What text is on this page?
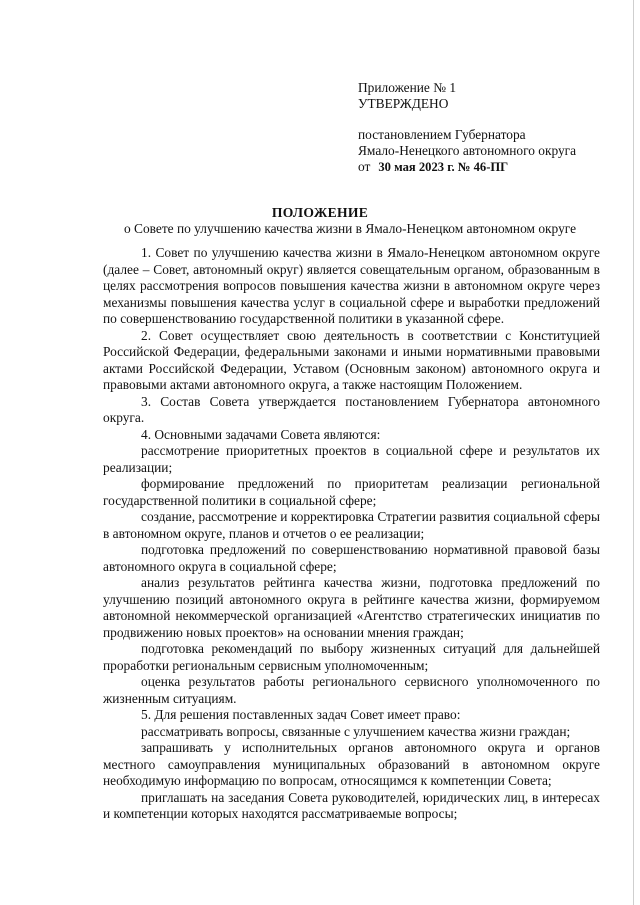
Приложение № 1
УТВЕРЖДЕНО
постановлением Губернатора
Ямало-Ненецкого автономного округа
от 30 мая 2023 г. № 46-ПГ
ПОЛОЖЕНИЕ
о Совете по улучшению качества жизни в Ямало-Ненецком автономном округе

1. Совет по улучшению качества жизни в Ямало-Ненецком автономном округе (далее – Совет, автономный округ) является совещательным органом, образованным в целях рассмотрения вопросов повышения качества жизни в автономном округе через механизмы повышения качества услуг в социальной сфере и выработки предложений по совершенствованию государственной политики в указанной сфере.

2. Совет осуществляет свою деятельность в соответствии с Конституцией Российской Федерации, федеральными законами и иными нормативными правовыми актами Российской Федерации, Уставом (Основным законом) автономного округа и правовыми актами автономного округа, а также настоящим Положением.

3. Состав Совета утверждается постановлением Губернатора автономного округа.

4. Основными задачами Совета являются:

рассмотрение приоритетных проектов в социальной сфере и результатов их реализации;

формирование предложений по приоритетам реализации региональной государственной политики в социальной сфере;

создание, рассмотрение и корректировка Стратегии развития социальной сферы в автономном округе, планов и отчетов о ее реализации;

подготовка предложений по совершенствованию нормативной правовой базы автономного округа в социальной сфере;

анализ результатов рейтинга качества жизни, подготовка предложений по улучшению позиций автономного округа в рейтинге качества жизни, формируемом автономной некоммерческой организацией «Агентство стратегических инициатив по продвижению новых проектов» на основании мнения граждан;

подготовка рекомендаций по выбору жизненных ситуаций для дальнейшей проработки региональным сервисным уполномоченным;

оценка результатов работы регионального сервисного уполномоченного по жизненным ситуациям.

5. Для решения поставленных задач Совет имеет право:

рассматривать вопросы, связанные с улучшением качества жизни граждан;

запрашивать у исполнительных органов автономного округа и органов местного самоуправления муниципальных образований в автономном округе необходимую информацию по вопросам, относящимся к компетенции Совета;

приглашать на заседания Совета руководителей, юридических лиц, в интересах и компетенции которых находятся рассматриваемые вопросы;
